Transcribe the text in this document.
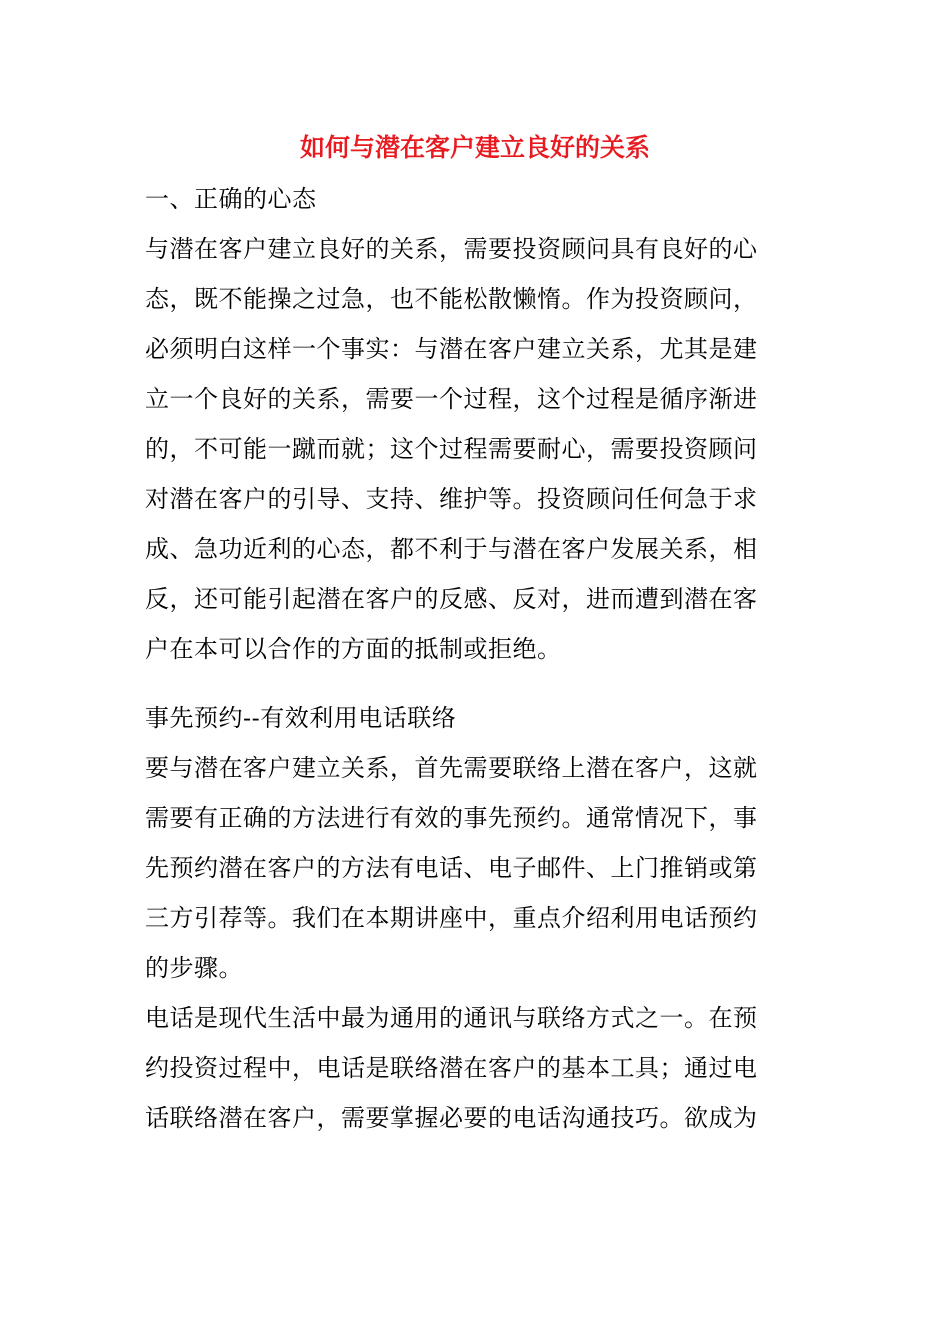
如何与潜在客户建立良好的关系
一、正确的心态
与潜在客户建立良好的关系，需要投资顾问具有良好的心
态，既不能操之过急，也不能松散懒惰。作为投资顾问，
必须明白这样一个事实：与潜在客户建立关系，尤其是建
立一个良好的关系，需要一个过程，这个过程是循序渐进
的，不可能一蹴而就；这个过程需要耐心，需要投资顾问
对潜在客户的引导、支持、维护等。投资顾问任何急于求
成、急功近利的心态，都不利于与潜在客户发展关系，相
反，还可能引起潜在客户的反感、反对，进而遭到潜在客
户在本可以合作的方面的抵制或拒绝。
事先预约--有效利用电话联络
要与潜在客户建立关系，首先需要联络上潜在客户，这就
需要有正确的方法进行有效的事先预约。通常情况下，事
先预约潜在客户的方法有电话、电子邮件、上门推销或第
三方引荐等。我们在本期讲座中，重点介绍利用电话预约
的步骤。
电话是现代生活中最为通用的通讯与联络方式之一。在预
约投资过程中，电话是联络潜在客户的基本工具；通过电
话联络潜在客户，需要掌握必要的电话沟通技巧。欲成为
